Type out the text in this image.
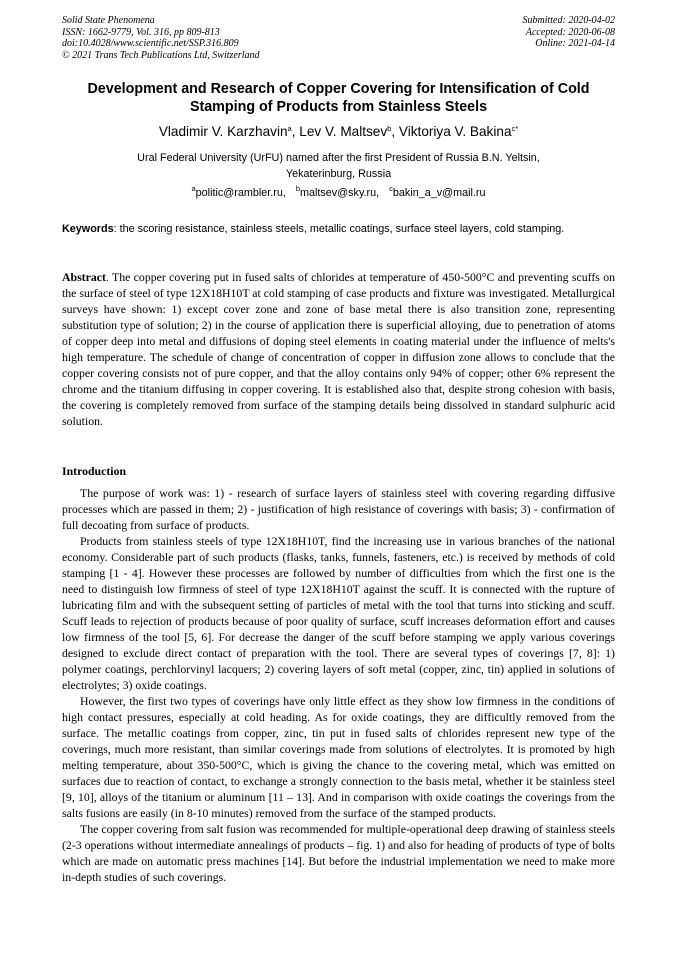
Solid State Phenomena
ISSN: 1662-9779, Vol. 316, pp 809-813
doi:10.4028/www.scientific.net/SSP.316.809
© 2021 Trans Tech Publications Ltd, Switzerland
Submitted: 2020-04-02
Accepted: 2020-06-08
Online: 2021-04-14
Development and Research of Copper Covering for Intensification of Cold Stamping of Products from Stainless Steels
Vladimir V. Karzhavin$^a$, Lev V. Maltsev$^b$, Viktoriya V. Bakina$^{c*}$
Ural Federal University (UrFU) named after the first President of Russia B.N. Yeltsin,
Yekaterinburg, Russia
$^a$politic@rambler.ru, $^b$maltsev@sky.ru, $^c$bakin_a_v@mail.ru
Keywords: the scoring resistance, stainless steels, metallic coatings, surface steel layers, cold stamping.
Abstract. The copper covering put in fused salts of chlorides at temperature of 450-500°C and preventing scuffs on the surface of steel of type 12X18H10T at cold stamping of case products and fixture was investigated. Metallurgical surveys have shown: 1) except cover zone and zone of base metal there is also transition zone, representing substitution type of solution; 2) in the course of application there is superficial alloying, due to penetration of atoms of copper deep into metal and diffusions of doping steel elements in coating material under the influence of melts's high temperature. The schedule of change of concentration of copper in diffusion zone allows to conclude that the copper covering consists not of pure copper, and that the alloy contains only 94% of copper; other 6% represent the chrome and the titanium diffusing in copper covering. It is established also that, despite strong cohesion with basis, the covering is completely removed from surface of the stamping details being dissolved in standard sulphuric acid solution.
Introduction

The purpose of work was: 1) - research of surface layers of stainless steel with covering regarding diffusive processes which are passed in them; 2) - justification of high resistance of coverings with basis; 3) - confirmation of full decoating from surface of products.

Products from stainless steels of type 12X18H10T, find the increasing use in various branches of the national economy. Considerable part of such products (flasks, tanks, funnels, fasteners, etc.) is received by methods of cold stamping [1 - 4]. However these processes are followed by number of difficulties from which the first one is the need to distinguish low firmness of steel of type 12X18H10T against the scuff. It is connected with the rupture of lubricating film and with the subsequent setting of particles of metal with the tool that turns into sticking and scuff. Scuff leads to rejection of products because of poor quality of surface, scuff increases deformation effort and causes low firmness of the tool [5, 6]. For decrease the danger of the scuff before stamping we apply various coverings designed to exclude direct contact of preparation with the tool. There are several types of coverings [7, 8]: 1) polymer coatings, perchlorvinyl lacquers; 2) covering layers of soft metal (copper, zinc, tin) applied in solutions of electrolytes; 3) oxide coatings.

However, the first two types of coverings have only little effect as they show low firmness in the conditions of high contact pressures, especially at cold heading. As for oxide coatings, they are difficultly removed from the surface. The metallic coatings from copper, zinc, tin put in fused salts of chlorides represent new type of the coverings, much more resistant, than similar coverings made from solutions of electrolytes. It is promoted by high melting temperature, about 350-500°C, which is giving the chance to the covering metal, which was emitted on surfaces due to reaction of contact, to exchange a strongly connection to the basis metal, whether it be stainless steel [9, 10], alloys of the titanium or aluminum [11 – 13]. And in comparison with oxide coatings the coverings from the salts fusions are easily (in 8-10 minutes) removed from the surface of the stamped products.

The copper covering from salt fusion was recommended for multiple-operational deep drawing of stainless steels (2-3 operations without intermediate annealings of products – fig. 1) and also for heading of products of type of bolts which are made on automatic press machines [14]. But before the industrial implementation we need to make more in-depth studies of such coverings.
